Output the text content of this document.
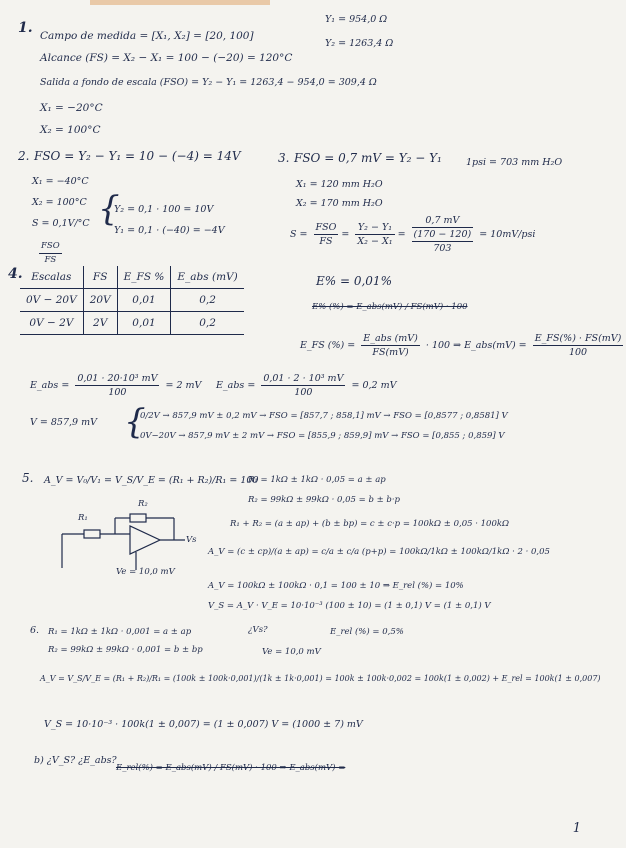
1. Campo de medida = [X₁, X₂] = [20, 100]
Alcance (FS) = X₂ − X₁ = 100 − (−20) = 120°C
Salida a fondo de escala (FSO) = Y₂ − Y₁ = 1263,4 − 954,0 = 309,4 Ω
X₁ = −20°C
X₂ = 100°C
Y₁ = 954,0 Ω
Y₂ = 1263,4 Ω
2. FSO = Y₂ − Y₁ = 10 − (−4) = 14V
X₁ = −40°C
X₂ = 100°C
S = 0,1V/°C {
Y₂ = 0,1 · 100 = 10V
Y₁ = 0,1 · (−40) = −4V
$\frac{\text{FSO}}{FS}$
3. FSO = 0,7 mV = Y₂ − Y₁	1psi = 703 mm H₂O
X₁ = 120 mm H₂O
X₂ = 170 mm H₂O
$S = \frac{\text{FSO}}{FS} = \frac{\text{Y₂ − Y₁}}{\text{X₂ − X₁}}$ =
0,7 mV
(170 − 120)
703
= 10mV/psi
4. Escalas	FS	E_FS %	E_abs (mV)
0V − 20V	20V	0,01	0,2
0V − 2V	2V	0,01	0,2
E% = 0,01%
E% (%) = E_abs(mV) / FS(mV) · 100
E_FS (%) = $\frac{\text{E\_abs (mV)}}{FS(mV)} \cdot 100$ ⇒ E_abs(mV) = $\frac{E\_FS(\%) \cdot FS(mV)}{100}$
E_abs = $\frac{\text{0,01 · 20·10³ mV}}{100} = 2$ mV E_abs = $\frac{\text{0,01 · 2 · 10³ mV}}{100} = 0,2$ mV
V = 857,9 mV {
0/2V → 857,9 mV ± 0,2 mV → FSO = [857,7 ; 858,1] mV → FSO = [0,8577 ; 0,8581] V
0V−20V → 857,9 mV ± 2 mV → FSO = [855,9 ; 859,9] mV → FSO = [0,855 ; 0,859] V
5. A_V = V₀/V₁ = V_S/V_E = (R₁ + R₂)/R₁ = 100
R₁ = 1kΩ ± 1kΩ · 0,05 = a ± ap
R₂ = 99kΩ ± 99kΩ · 0,05 = b ± b·p
R₁ + R₂ = (a ± ap) + (b ± bp) = c ± c·p = 100kΩ ± 0,05 · 100kΩ
A_V = (c ± cp)/(a ± ap) = c/a ± c/a (p+p) = 100kΩ/1kΩ ± 100kΩ/1kΩ · 2 · 0,05
A_V = 100kΩ ± 100kΩ · 0,1 = 100 ± 10 ⇒ E_rel (%) = 10%
V_S = A_V · V_E = 10·10⁻³ (100 ± 10) = (1 ± 0,1) V = (1 ± 0,1) V
R₁
R₂
Vs
Ve = 10,0 mV
6. R₁ = 1kΩ ± 1kΩ · 0,001 = a ± ap	¿Vs?	E_rel (%) = 0,5%
R₂ = 99kΩ ± 99kΩ · 0,001 = b ± bp	Ve = 10,0 mV
A_V = V_S/V_E = (R₁ + R₂)/R₁ = (100k ± 100k·0,001)/(1k ± 1k·0,001) = 100k ± 100k·0,002 = 100k(1 ± 0,002) + E_rel = 100k(1 ± 0,007)
V_S = 10·10⁻³ · 100k(1 ± 0,007) = (1 ± 0,007) V = (1000 ± 7) mV
b) ¿V_S? ¿E_abs?
E_rel(%) = E_abs(mV) / FS(mV) · 100 ⇒ E_abs(mV) =
1
